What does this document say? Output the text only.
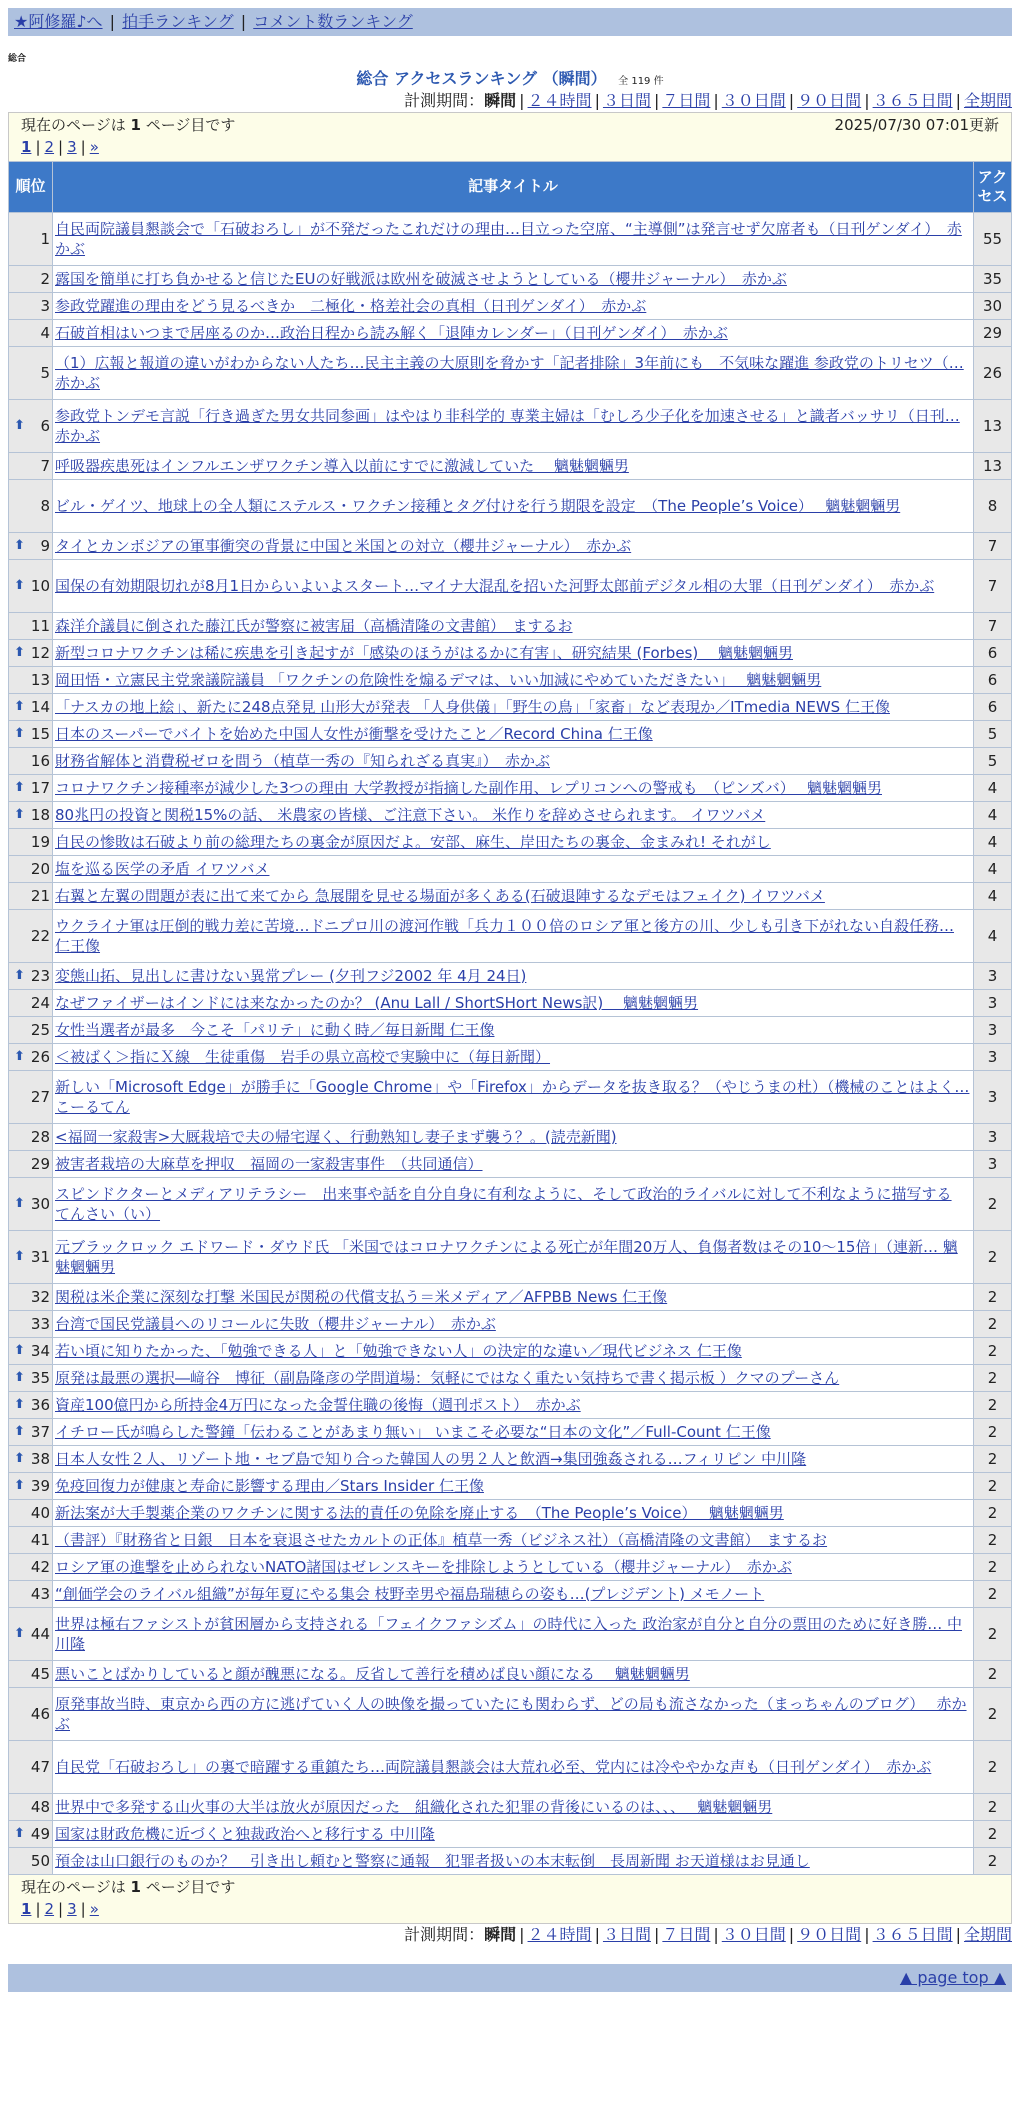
★阿修羅♪へ | 拍手ランキング | コメント数ランキング
総合
総合 アクセスランキング （瞬間） 全 119 件
計測期間：瞬間 | ２４時間 | ３日間 | ７日間 | ３０日間 | ９０日間 | ３６５日間 | 全期間
現在のページは 1 ページ目です	2025/07/30 07:01更新
1 | 2 | 3 | »
順位	記事タイトル	アクセス
1	自民両院議員懇談会で「石破おろし」が不発だったこれだけの理由…目立った空席、“主導側”は発言せず欠席者も（日刊ゲンダイ）　赤かぶ	55
2	露国を簡単に打ち負かせると信じたEUの好戦派は欧州を破滅させようとしている（櫻井ジャーナル）　赤かぶ	35
3	参政党躍進の理由をどう見るべきか　二極化・格差社会の真相（日刊ゲンダイ）　赤かぶ	30
4	石破首相はいつまで居座るのか…政治日程から読み解く「退陣カレンダー」（日刊ゲンダイ）　赤かぶ	29
5	（1）広報と報道の違いがわからない人たち…民主主義の大原則を脅かす「記者排除」3年前にも　不気味な躍進 参政党のトリセツ（… 赤かぶ	26

⬆ 6	参政党トンデモ言説「行き過ぎた男女共同参画」はやはり非科学的 専業主婦は「むしろ少子化を加速させる」と識者バッサリ（日刊… 赤かぶ	13
7	呼吸器疾患死はインフルエンザワクチン導入以前にすでに激減していた　 魑魅魍魎男	13
8	ビル・ゲイツ、地球上の全人類にステルス・ワクチン接種とタグ付けを行う期限を設定　（The People’s Voice）　 魑魅魍魎男	8

⬆ 9	タイとカンボジアの軍事衝突の背景に中国と米国との対立（櫻井ジャーナル）　赤かぶ	7

⬆ 10	国保の有効期限切れが8月1日からいよいよスタート…マイナ大混乱を招いた河野太郎前デジタル相の大罪（日刊ゲンダイ）　赤かぶ	7
11	森洋介議員に倒された藤江氏が警察に被害届（高橋清隆の文書館）　まするお	7

⬆ 12	新型コロナワクチンは稀に疾患を引き起すが「感染のほうがはるかに有害」、研究結果 (Forbes)　 魑魅魍魎男	6
13	岡田悟・立憲民主党衆議院議員 「ワクチンの危険性を煽るデマは、いい加減にやめていただきたい」　 魑魅魍魎男	6

⬆ 14	「ナスカの地上絵」、新たに248点発見 山形大が発表 「人身供儀」「野生の鳥」「家畜」など表現か／ITmedia NEWS 仁王像	6

⬆ 15	日本のスーパーでバイトを始めた中国人女性が衝撃を受けたこと／Record China 仁王像	5
16	財務省解体と消費税ゼロを問う（植草一秀の『知られざる真実』）　赤かぶ	5

⬆ 17	コロナワクチン接種率が減少した3つの理由 大学教授が指摘した副作用、レプリコンへの警戒も　（ピンズバ）　 魑魅魍魎男	4

⬆ 18	80兆円の投資と関税15%の話、 米農家の皆様、ご注意下さい。 米作りを辞めさせられます。 イワツバメ	4
19	自民の惨敗は石破より前の総理たちの裏金が原因だよ。安部、麻生、岸田たちの裏金、金まみれ! それがし	4
20	塩を巡る医学の矛盾 イワツバメ	4
21	右翼と左翼の問題が表に出て来てから 急展開を見せる場面が多くある(石破退陣するなデモはフェイク) イワツバメ	4
22	ウクライナ軍は圧倒的戦力差に苦境…ドニプロ川の渡河作戦「兵力１００倍のロシア軍と後方の川、少しも引き下がれない自殺任務… 仁王像	4

⬆ 23	変態山拓、見出しに書けない異常プレー (夕刊フジ2002 年 4月 24日)	3
24	なぜファイザーはインドには来なかったのか？ (Anu Lall / ShortSHort News訳)　 魑魅魍魎男	3
25	女性当選者が最多　今こそ「パリテ」に動く時／毎日新聞 仁王像	3

⬆ 26	＜被ばく＞指にＸ線　生徒重傷　岩手の県立高校で実験中に（毎日新聞）	3
27	新しい「Microsoft Edge」が勝手に「Google Chrome」や「Firefox」からデータを抜き取る？（やじうまの杜）（機械のことはよく… こーるてん	3
28	<福岡一家殺害>大厩栽培で夫の帰宅遅く、行動熟知し妻子まず襲う？。(読売新聞)	3
29	被害者栽培の大麻草を押収　福岡の一家殺害事件　（共同通信）	3

⬆ 30	スピンドクターとメディアリテラシー　出来事や話を自分自身に有利なように、そして政治的ライバルに対して不利なように描写する てんさい（い）	2

⬆ 31	元ブラックロック エドワード・ダウド氏 「米国ではコロナワクチンによる死亡が年間20万人、負傷者数はその10～15倍」（連新… 魑魅魍魎男	2
32	関税は米企業に深刻な打撃 米国民が関税の代償支払う＝米メディア／AFPBB News 仁王像	2
33	台湾で国民党議員へのリコールに失敗（櫻井ジャーナル）　赤かぶ	2

⬆ 34	若い頃に知りたかった、「勉強できる人」と「勉強できない人」の決定的な違い／現代ビジネス 仁王像	2

⬆ 35	原発は最悪の選択―﨑谷　博征（副島隆彦の学問道場：気軽にではなく重たい気持ちで書く掲示板 ）クマのプーさん	2

⬆ 36	資産100億円から所持金4万円になった金誓住職の後悔（週刊ポスト）　赤かぶ	2

⬆ 37	イチロー氏が鳴らした警鐘「伝わることがあまり無い」 いまこそ必要な“日本の文化”／Full-Count 仁王像	2

⬆ 38	日本人女性２人、リゾート地・セブ島で知り合った韓国人の男２人と飲酒→集団強姦される…フィリピン 中川隆	2

⬆ 39	免疫回復力が健康と寿命に影響する理由／Stars Insider 仁王像	2
40	新法案が大手製薬企業のワクチンに関する法的責任の免除を廃止する　（The People’s Voice）　 魑魅魍魎男	2
41	（書評）『財務省と日銀　日本を衰退させたカルトの正体』植草一秀（ビジネス社）（高橋清隆の文書館）　まするお	2
42	ロシア軍の進撃を止められないNATO諸国はゼレンスキーを排除しようとしている（櫻井ジャーナル）　赤かぶ	2
43	“創価学会のライバル組織”が毎年夏にやる集会 枝野幸男や福島瑞穂らの姿も…(プレジデント) メモノート	2

⬆ 44	世界は極右ファシストが貧困層から支持される「フェイクファシズム」の時代に入った 政治家が自分と自分の票田のために好き勝… 中川隆	2
45	悪いことばかりしていると顔が醜悪になる。反省して善行を積めば良い顔になる　 魑魅魍魎男	2
46	原発事故当時、東京から西の方に逃げていく人の映像を撮っていたにも関わらず、どの局も流さなかった（まっちゃんのブログ）　 赤かぶ	2
47	自民党「石破おろし」の裏で暗躍する重鎮たち…両院議員懇談会は大荒れ必至、党内には冷ややかな声も（日刊ゲンダイ）　赤かぶ	2
48	世界中で多発する山火事の大半は放火が原因だった　組織化された犯罪の背後にいるのは、、、　 魑魅魍魎男	2

⬆ 49	国家は財政危機に近づくと独裁政治へと移行する 中川隆	2
50	預金は山口銀行のものか？　引き出し頼むと警察に通報　犯罪者扱いの本末転倒　長周新聞 お天道様はお見通し	2
現在のページは 1 ページ目です
1 | 2 | 3 | »
計測期間：瞬間 | ２４時間 | ３日間 | ７日間 | ３０日間 | ９０日間 | ３６５日間 | 全期間
▲ page top ▲
